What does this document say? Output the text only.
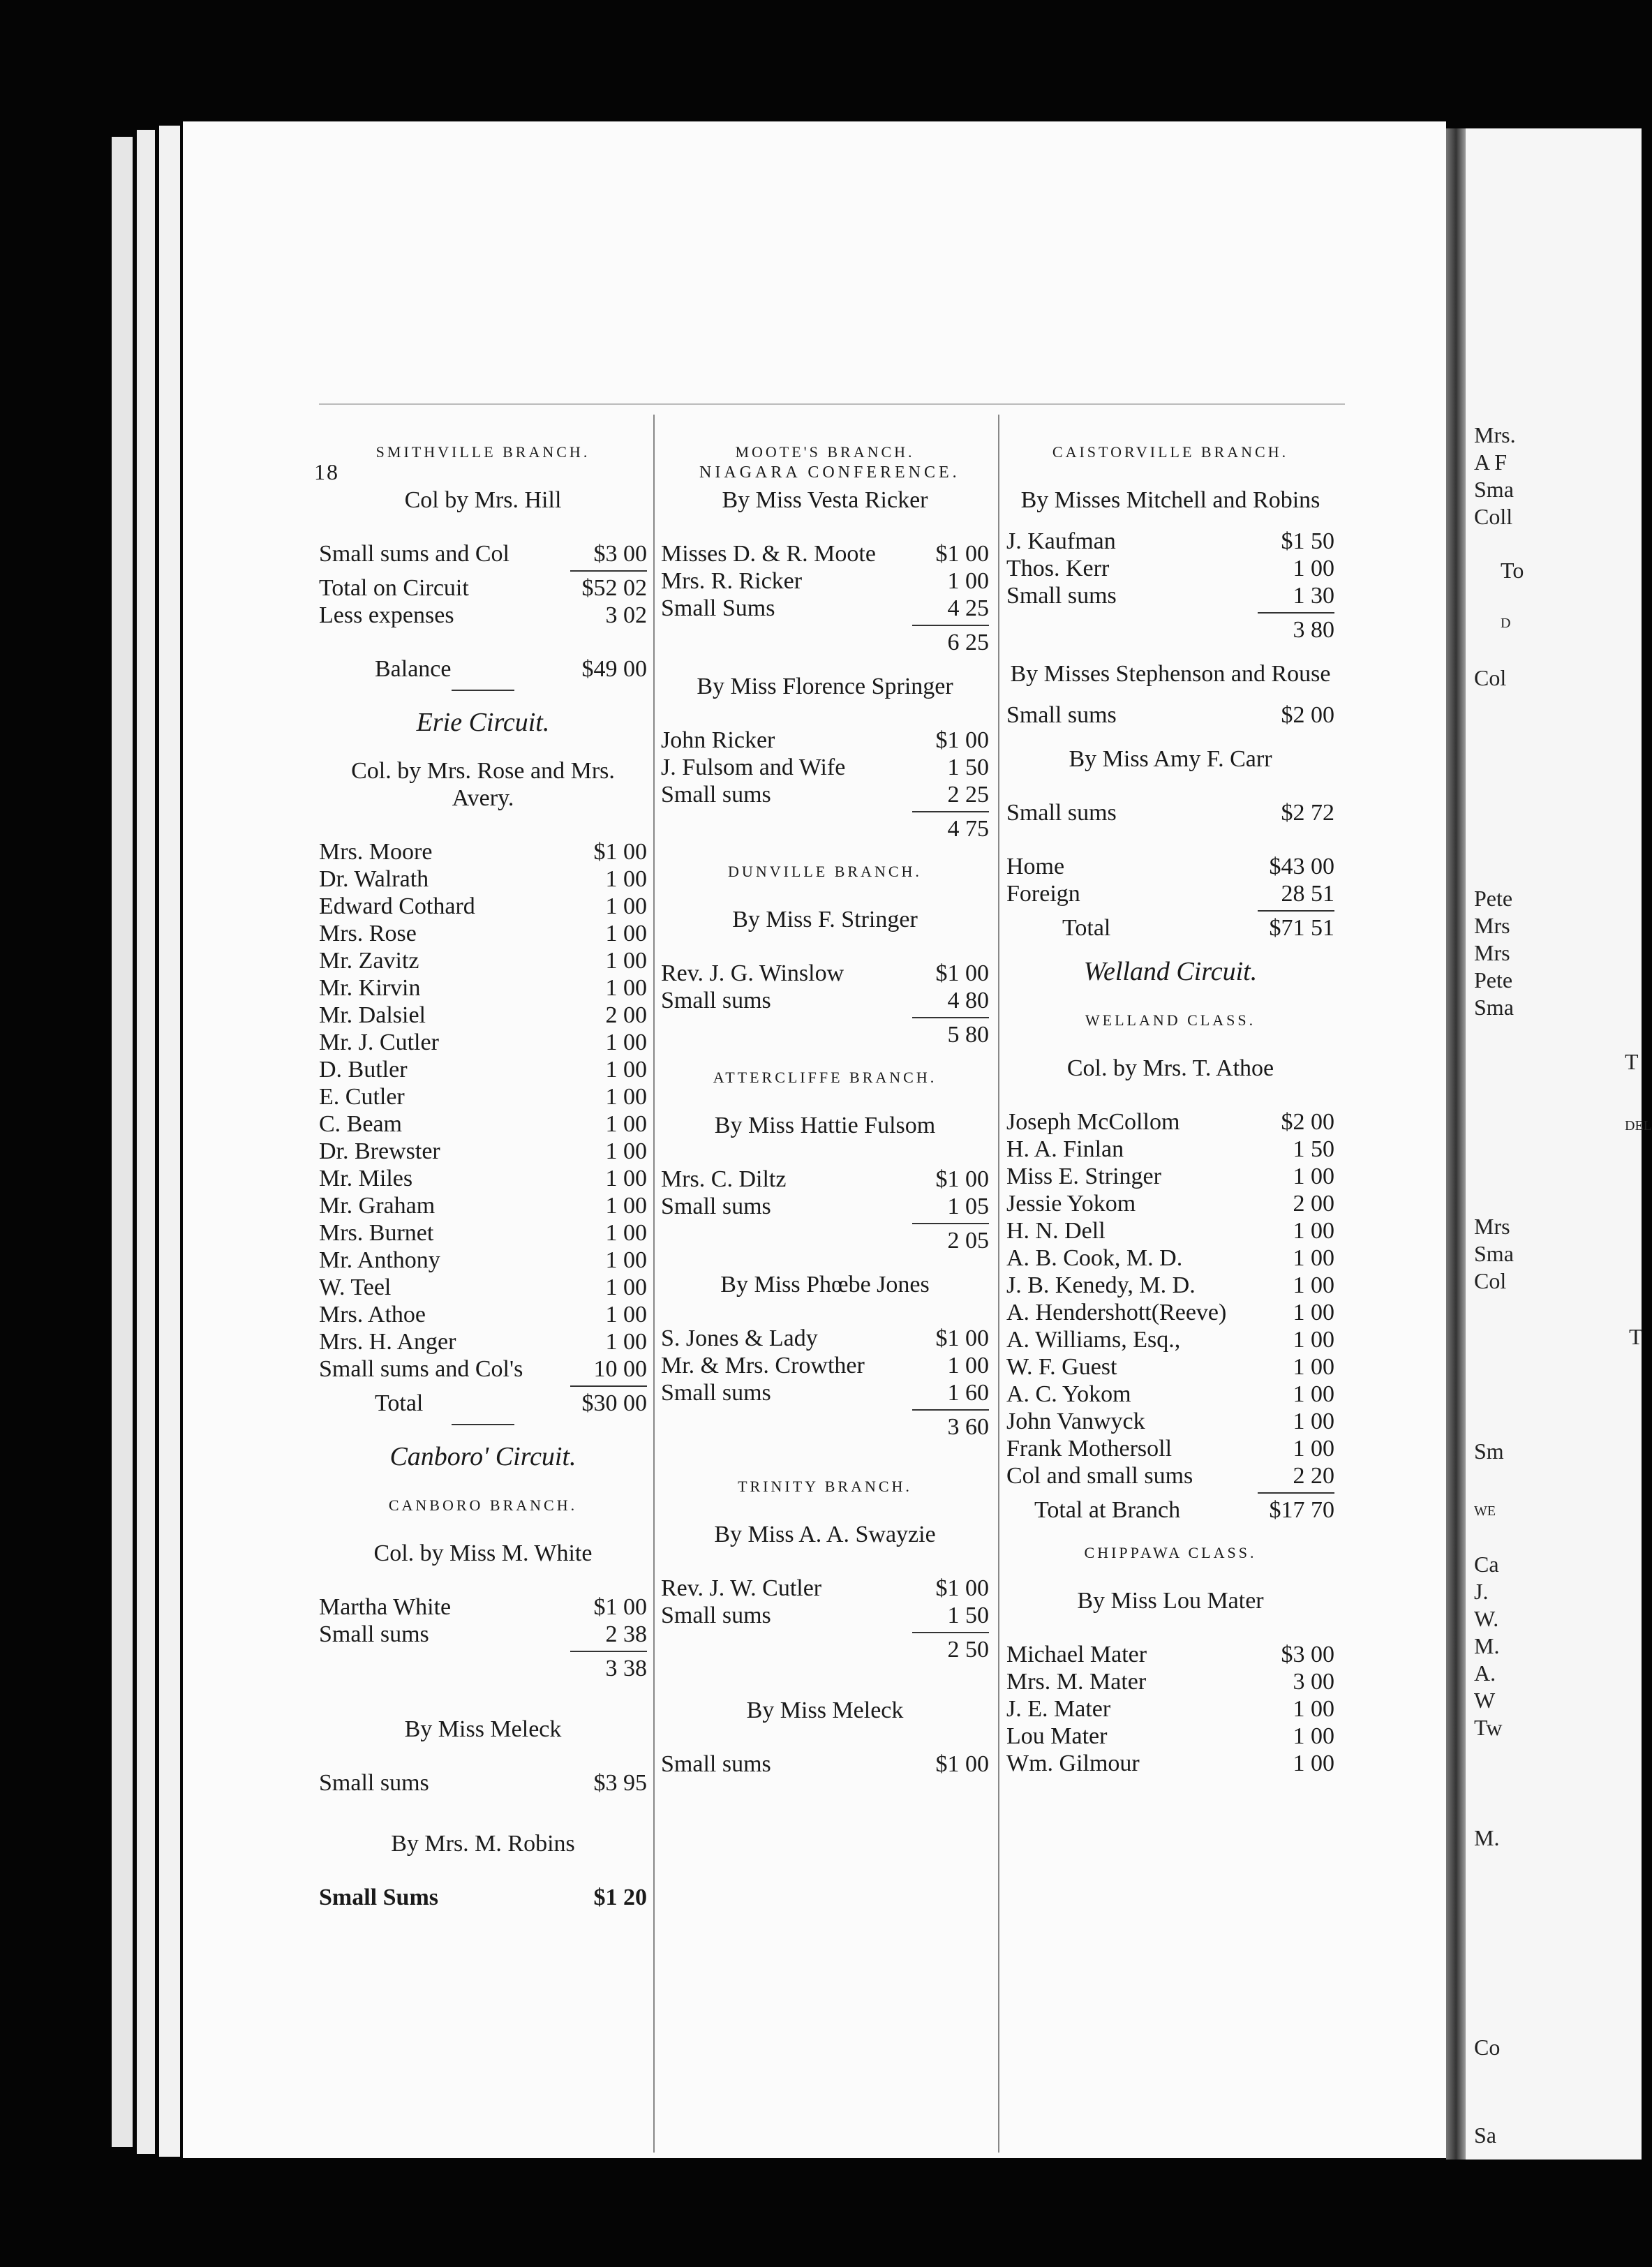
Mrs.
A F
Sma
Coll
To
D
Col
Pete
Mrs
Mrs
Pete
Sma
T
DEL
Mrs
Sma
Col
T
Sm
WE
Ca
J.
W.
M.
A.
W
Tw
M.
Co
Sa
18	NIAGARA CONFERENCE.
SMITHVILLE BRANCH.
Col by Mrs. Hill
Small sums and Col	$3 00
Total on Circuit	$52 02
Less expenses	3 02
Balance	$49 00
Erie Circuit.
Col. by Mrs. Rose and Mrs. Avery.
Mrs. Moore	$1 00
Dr. Walrath	1 00
Edward Cothard	1 00
Mrs. Rose	1 00
Mr. Zavitz	1 00
Mr. Kirvin	1 00
Mr. Dalsiel	2 00
Mr. J. Cutler	1 00
D. Butler	1 00
E. Cutler	1 00
C. Beam	1 00
Dr. Brewster	1 00
Mr. Miles	1 00
Mr. Graham	1 00
Mrs. Burnet	1 00
Mr. Anthony	1 00
W. Teel	1 00
Mrs. Athoe	1 00
Mrs. H. Anger	1 00
Small sums and Col's	10 00
Total	$30 00
Canboro' Circuit.
CANBORO BRANCH.
Col. by Miss M. White
Martha White	$1 00
Small sums	2 38
3 38
By Miss Meleck
Small sums	$3 95
By Mrs. M. Robins
Small Sums	$1 20
MOOTE'S BRANCH.
By Miss Vesta Ricker
Misses D. & R. Moote	$1 00
Mrs. R. Ricker	1 00
Small Sums	4 25
6 25
By Miss Florence Springer
John Ricker	$1 00
J. Fulsom and Wife	1 50
Small sums	2 25
4 75
DUNVILLE BRANCH.
By Miss F. Stringer
Rev. J. G. Winslow	$1 00
Small sums	4 80
5 80
ATTERCLIFFE BRANCH.
By Miss Hattie Fulsom
Mrs. C. Diltz	$1 00
Small sums	1 05
2 05
By Miss Phœbe Jones
S. Jones & Lady	$1 00
Mr. & Mrs. Crowther	1 00
Small sums	1 60
3 60
TRINITY BRANCH.
By Miss A. A. Swayzie
Rev. J. W. Cutler	$1 00
Small sums	1 50
2 50
By Miss Meleck
Small sums	$1 00
CAISTORVILLE BRANCH.
By Misses Mitchell and Robins
J. Kaufman	$1 50
Thos. Kerr	1 00
Small sums	1 30
3 80
By Misses Stephenson and Rouse
Small sums	$2 00
By Miss Amy F. Carr
Small sums	$2 72
Home	$43 00
Foreign	28 51
Total	$71 51
Welland Circuit.
WELLAND CLASS.
Col. by Mrs. T. Athoe
Joseph McCollom	$2 00
H. A. Finlan	1 50
Miss E. Stringer	1 00
Jessie Yokom	2 00
H. N. Dell	1 00
A. B. Cook, M. D.	1 00
J. B. Kenedy, M. D.	1 00
A. Hendershott(Reeve)	1 00
A. Williams, Esq.,	1 00
W. F. Guest	1 00
A. C. Yokom	1 00
John Vanwyck	1 00
Frank Mothersoll	1 00
Col and small sums	2 20
Total at Branch	$17 70
CHIPPAWA CLASS.
By Miss Lou Mater
Michael Mater	$3 00
Mrs. M. Mater	3 00
J. E. Mater	1 00
Lou Mater	1 00
Wm. Gilmour	1 00
